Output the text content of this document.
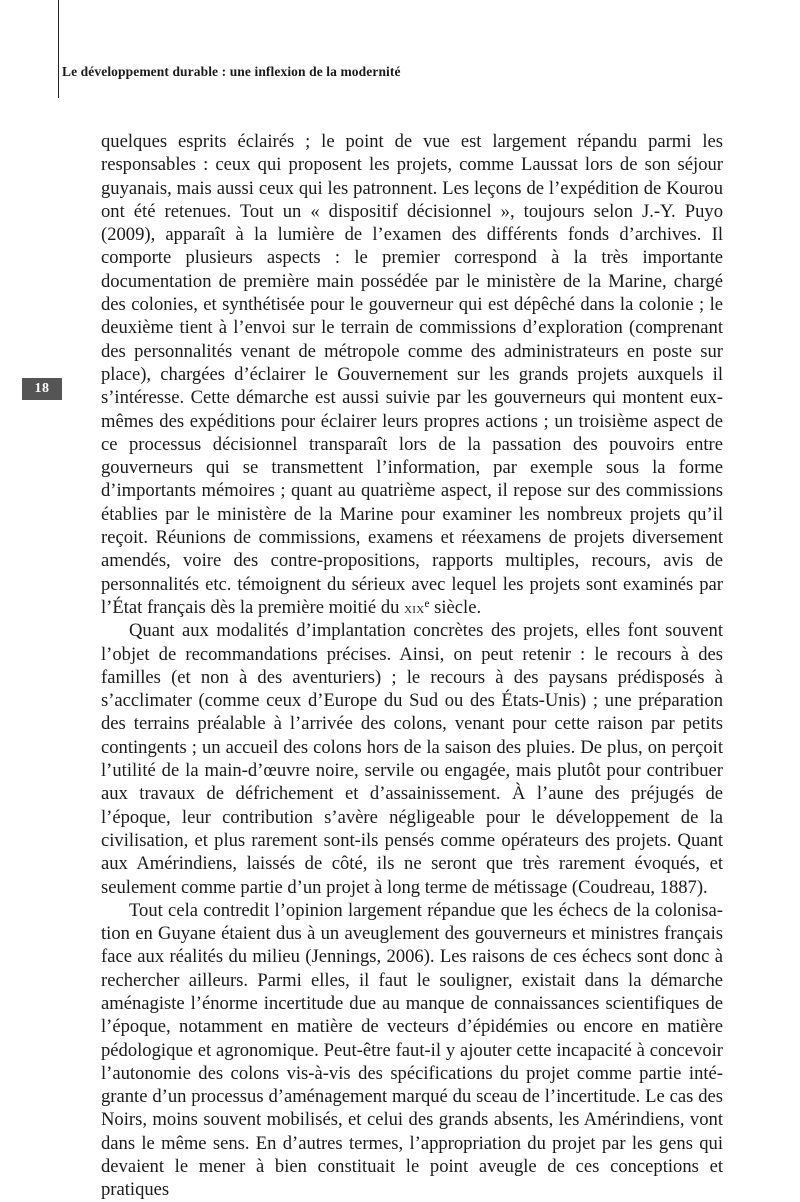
Le développement durable : une inflexion de la modernité
18

quelques esprits éclairés ; le point de vue est largement répandu parmi les responsables : ceux qui proposent les projets, comme Laussat lors de son séjour guyanais, mais aussi ceux qui les patronnent. Les leçons de l’expédition de Kourou ont été retenues. Tout un « dispositif décisionnel », toujours selon J.-Y. Puyo (2009), apparaît à la lumière de l’examen des différents fonds d’archives. Il comporte plusieurs aspects : le premier correspond à la très importante documentation de première main possédée par le ministère de la Marine, chargé des colonies, et synthétisée pour le gouverneur qui est dépêché dans la colonie ; le deuxième tient à l’envoi sur le terrain de commissions d’exploration (comprenant des personnalités venant de métropole comme des administrateurs en poste sur place), chargées d’éclairer le Gouvernement sur les grands projets auxquels il s’intéresse. Cette démarche est aussi suivie par les gouverneurs qui montent eux-mêmes des expéditions pour éclairer leurs propres actions ; un troisième aspect de ce processus décisionnel transparaît lors de la passation des pouvoirs entre gouverneurs qui se transmettent l’information, par exemple sous la forme d’importants mémoires ; quant au quatrième aspect, il repose sur des commissions établies par le ministère de la Marine pour examiner les nombreux projets qu’il reçoit. Réunions de commissions, examens et réexamens de projets diversement amendés, voire des contre-propositions, rapports multiples, recours, avis de personnalités etc. témoignent du sérieux avec lequel les projets sont examinés par l’État français dès la première moitié du xix$^e$ siècle.

Quant aux modalités d’implantation concrètes des projets, elles font souvent l’objet de recommandations précises. Ainsi, on peut retenir : le recours à des familles (et non à des aventuriers) ; le recours à des paysans prédisposés à s’acclimater (comme ceux d’Europe du Sud ou des États-Unis) ; une préparation des terrains préalable à l’arrivée des colons, venant pour cette raison par petits contingents ; un accueil des colons hors de la saison des pluies. De plus, on perçoit l’utilité de la main-d’œuvre noire, servile ou engagée, mais plutôt pour contribuer aux travaux de défrichement et d’assainissement. À l’aune des préjugés de l’époque, leur contribution s’avère négligeable pour le développement de la civilisation, et plus rarement sont-ils pensés comme opérateurs des projets. Quant aux Amérindiens, laissés de côté, ils ne seront que très rarement évoqués, et seulement comme partie d’un projet à long terme de métissage (Coudreau, 1887).

Tout cela contredit l’opinion largement répandue que les échecs de la colonisation en Guyane étaient dus à un aveuglement des gouverneurs et ministres français face aux réalités du milieu (Jennings, 2006). Les raisons de ces échecs sont donc à rechercher ailleurs. Parmi elles, il faut le souligner, existait dans la démarche aménagiste l’énorme incertitude due au manque de connaissances scientifiques de l’époque, notamment en matière de vecteurs d’épidémies ou encore en matière pédologique et agronomique. Peut-être faut-il y ajouter cette incapacité à concevoir l’autonomie des colons vis-à-vis des spécifications du projet comme partie intégrante d’un processus d’aménagement marqué du sceau de l’incertitude. Le cas des Noirs, moins souvent mobilisés, et celui des grands absents, les Amérindiens, vont dans le même sens. En d’autres termes, l’appropriation du projet par les gens qui devaient le mener à bien constituait le point aveugle de ces conceptions et pratiques
